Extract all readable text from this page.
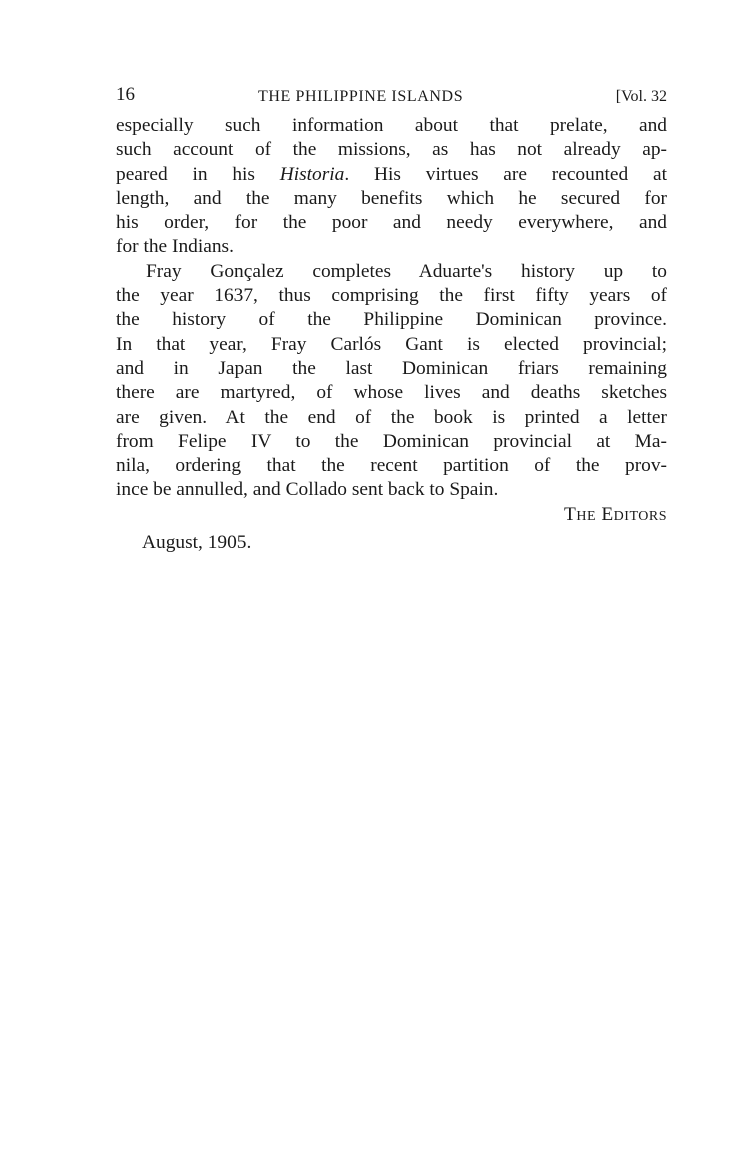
16	THE PHILIPPINE ISLANDS	[Vol. 32

especially such information about that prelate, and
such account of the missions, as has not already ap-
peared in his Historia. His virtues are recounted at
length, and the many benefits which he secured for
his order, for the poor and needy everywhere, and
for the Indians.

Fray Gonçalez completes Aduarte's history up to
the year 1637, thus comprising the first fifty years of
the history of the Philippine Dominican province.
In that year, Fray Carlós Gant is elected provincial;
and in Japan the last Dominican friars remaining
there are martyred, of whose lives and deaths sketches
are given. At the end of the book is printed a letter
from Felipe IV to the Dominican provincial at Ma-
nila, ordering that the recent partition of the prov-
ince be annulled, and Collado sent back to Spain.

The Editors
August, 1905.
